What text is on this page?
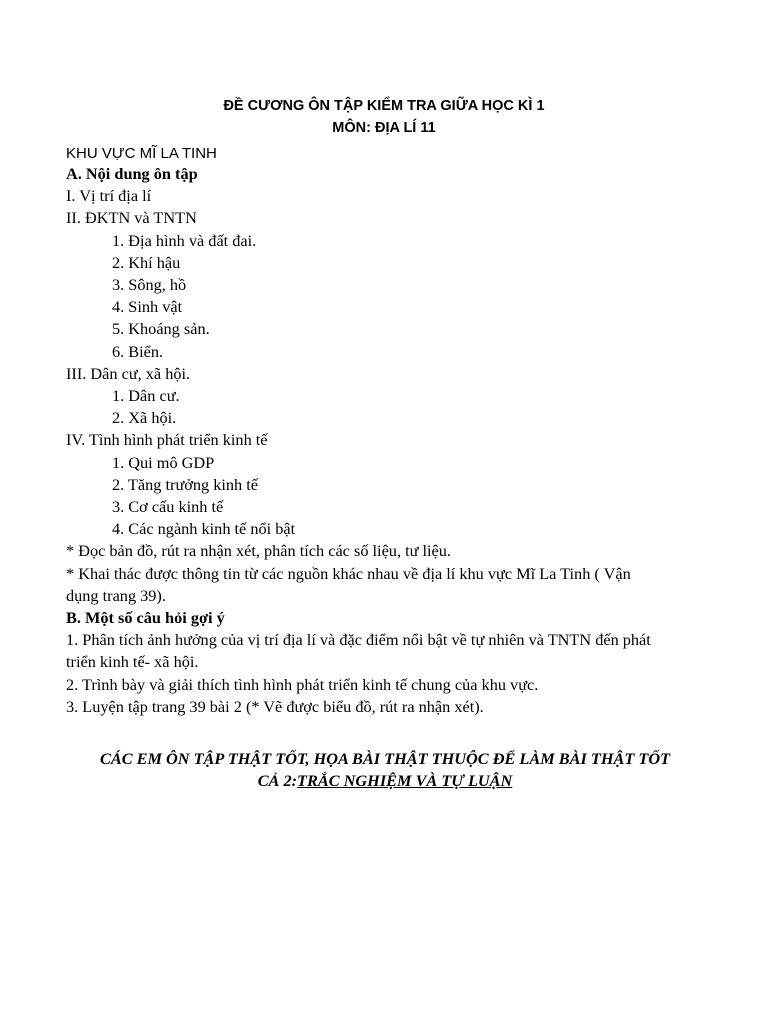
ĐỀ CƯƠNG ÔN TẬP KIỂM TRA GIỮA HỌC KÌ 1

MÔN: ĐỊA LÍ 11

KHU VỰC MĨ LA TINH

A. Nội dung ôn tập

I. Vị trí địa lí

II. ĐKTN và TNTN

1. Địa hình và đất đai.

2. Khí hậu

3. Sông, hồ

4. Sinh vật

5. Khoáng sản.

6. Biển.

III. Dân cư, xã hội.

1. Dân cư.

2. Xã hội.

IV. Tình hình phát triển kinh tế

1. Qui mô GDP

2. Tăng trưởng kinh tế

3. Cơ cấu kinh tế

4. Các ngành kinh tế nổi bật

* Đọc bản đồ, rút ra nhận xét, phân tích các số liệu, tư liệu.

* Khai thác được thông tin từ các nguồn khác nhau về địa lí khu vực Mĩ La Tinh ( Vận

dụng trang 39).

B. Một số câu hỏi gợi ý

1. Phân tích ảnh hưởng của vị trí địa lí và đặc điểm nổi bật về tự nhiên và TNTN đến phát

triển kinh tế- xã hội.

2. Trình bày và giải thích tình hình phát triển kinh tế chung của khu vực.

3. Luyện tập trang 39 bài 2 (* Vẽ được biểu đồ, rút ra nhận xét).

CÁC EM ÔN TẬP THẬT TỐT, HỌA BÀI THẬT THUỘC ĐỂ LÀM BÀI THẬT TỐT

CẢ 2:TRẮC NGHIỆM VÀ TỰ LUẬN
